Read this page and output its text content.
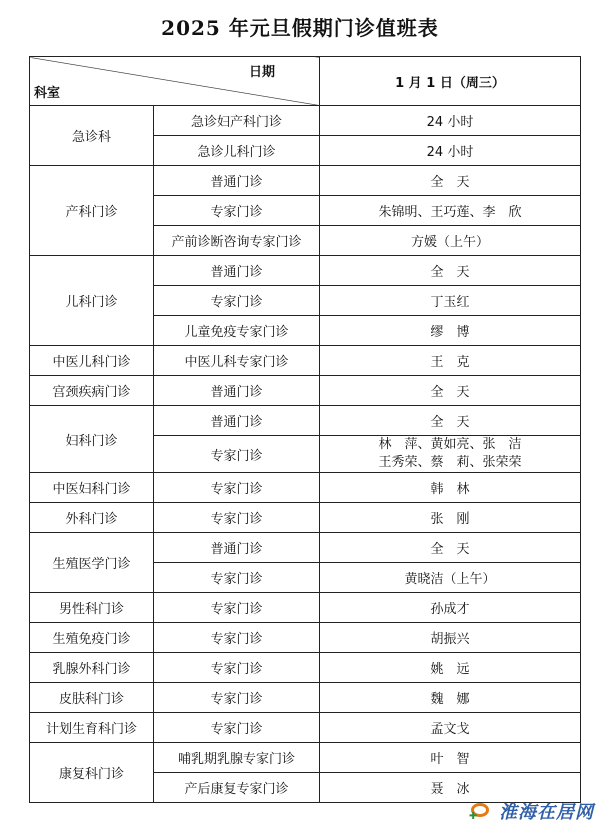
2025 年元旦假期门诊值班表
日期
科室		1 月 1 日（周三）
急诊科	急诊妇产科门诊	24 小时
	急诊儿科门诊	24 小时
产科门诊	普通门诊	全　天
	专家门诊	朱锦明、王巧莲、李　欣
	产前诊断咨询专家门诊	方媛（上午）
儿科门诊	普通门诊	全　天
	专家门诊	丁玉红
	儿童免疫专家门诊	缪　博
中医儿科门诊	中医儿科专家门诊	王　克
宫颈疾病门诊	普通门诊	全　天
妇科门诊	普通门诊	全　天
	专家门诊	林　萍、黄如亮、张　洁
王秀荣、蔡　莉、张荣荣

中医妇科门诊	专家门诊	韩　林
外科门诊	专家门诊	张　刚
生殖医学门诊	普通门诊	全　天
	专家门诊	黄晓洁（上午）
男性科门诊	专家门诊	孙成才
生殖免疫门诊	专家门诊	胡振兴
乳腺外科门诊	专家门诊	姚　远
皮肤科门诊	专家门诊	魏　娜
计划生育科门诊	专家门诊	孟文戈
康复科门诊	哺乳期乳腺专家门诊	叶　智
	产后康复专家门诊	聂　冰
✚ 淮海在居网
